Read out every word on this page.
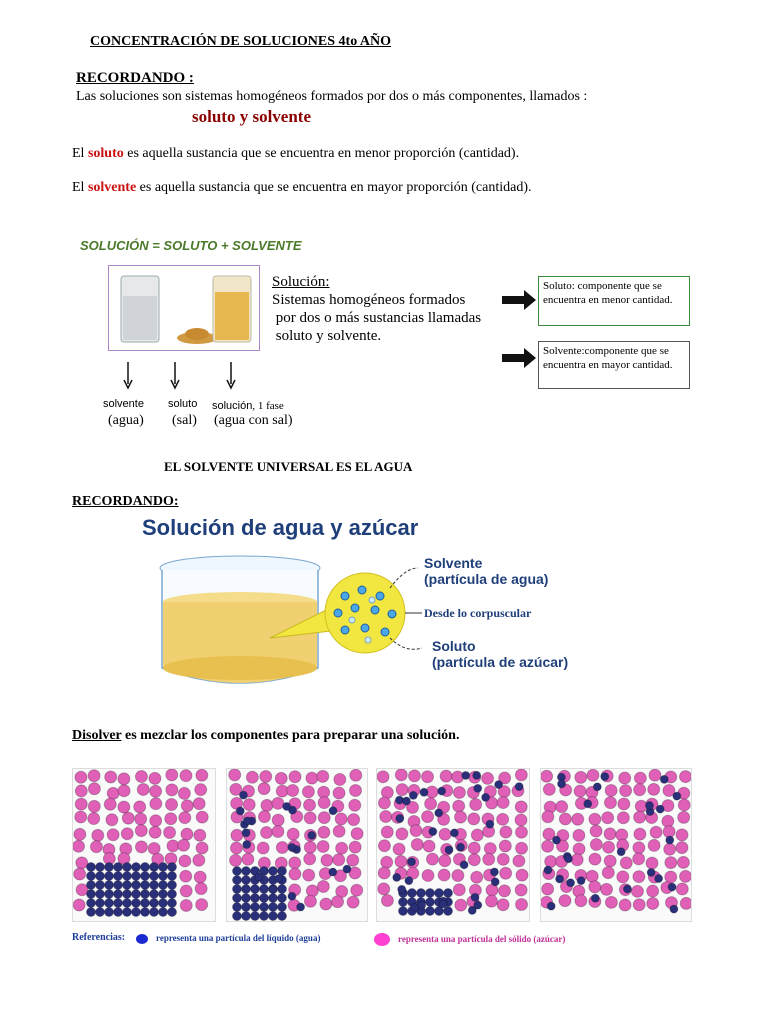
CONCENTRACIÓN DE SOLUCIONES 4to AÑO
RECORDANDO :
Las soluciones son sistemas homogéneos formados por dos o más componentes, llamados :
soluto y solvente
El soluto es aquella sustancia que se encuentra en menor proporción (cantidad).
El solvente es aquella sustancia que se encuentra en mayor proporción (cantidad).
SOLUCIÓN = SOLUTO + SOLVENTE
Solución:
Sistemas homogéneos formados
por dos o más sustancias llamadas
soluto y solvente.
Soluto: componente que se encuentra en menor cantidad.
Solvente:componente que se encuentra en mayor cantidad.
solvente soluto solución, 1 fase
(agua) (sal) (agua con sal)
EL SOLVENTE UNIVERSAL ES EL AGUA
RECORDANDO:
Solución de agua y azúcar
Solvente
(partícula de agua)
Desde lo corpuscular
Soluto
(partícula de azúcar)
Disolver es mezclar los componentes para preparar una solución.
Referencias:	representa una partícula del líquido (agua)	representa una partícula del sólido (azúcar)
